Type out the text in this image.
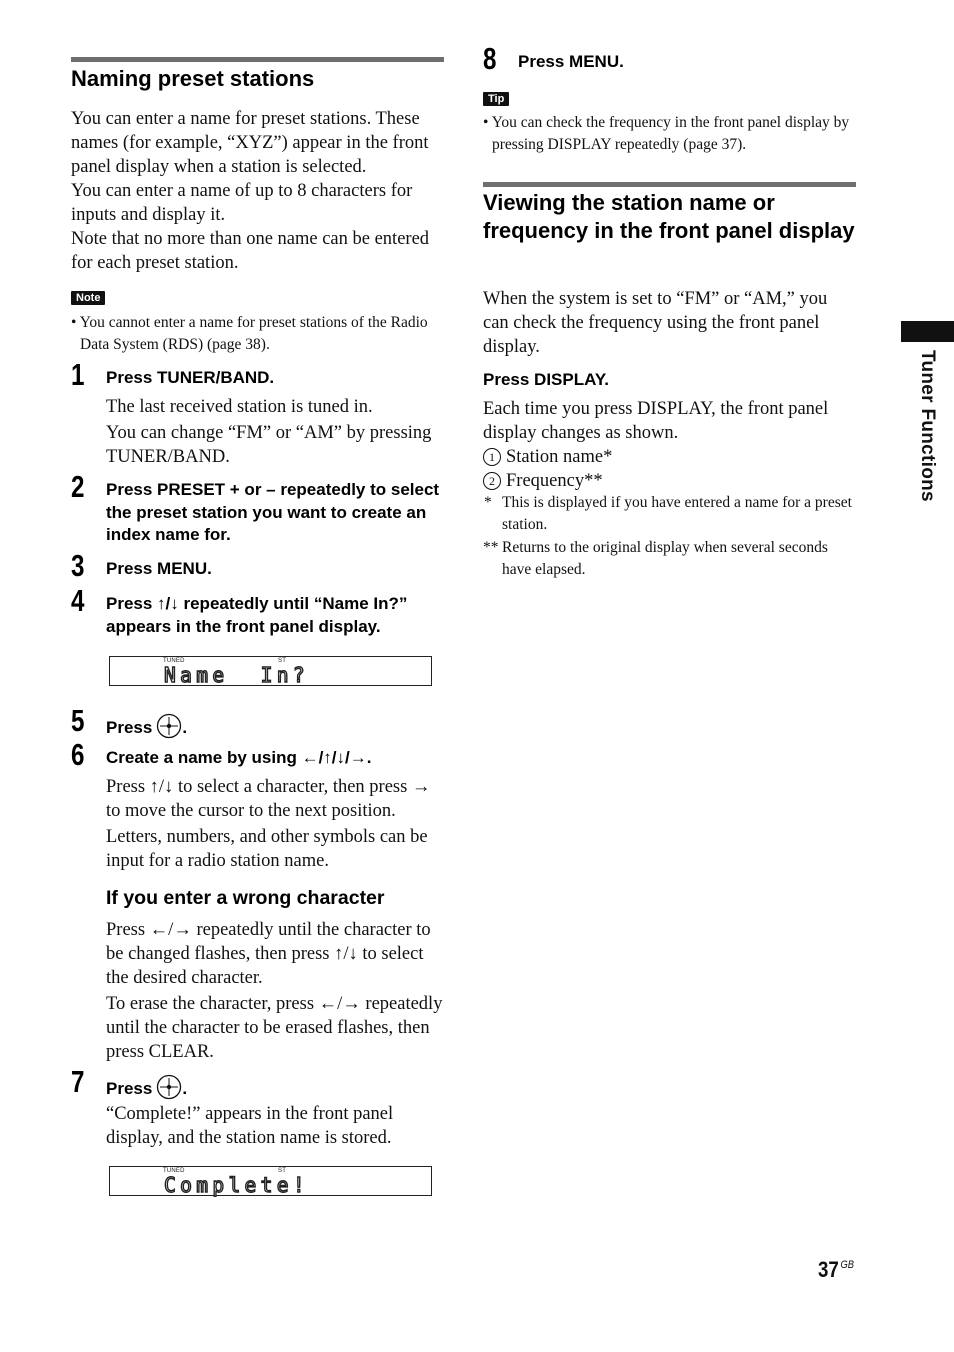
Naming preset stations

You can enter a name for preset stations. These names (for example, “XYZ”) appear in the front panel display when a station is selected.

You can enter a name of up to 8 characters for inputs and display it.

Note that no more than one name can be entered for each preset station.

Note
• You cannot enter a name for preset stations of the Radio Data System (RDS) (page 38).
1 Press TUNER/BAND.

The last received station is tuned in.

You can change “FM” or “AM” by pressing TUNER/BAND.

2 Press PRESET + or – repeatedly to select the preset station you want to create an index name for.
3 Press MENU.
4 Press ↑/↓ repeatedly until “Name In?” appears in the front panel display.
TUNED	ST
Name  In?
5 Press .
6 Create a name by using ←/↑/↓/→.

Press ↑/↓ to select a character, then press → to move the cursor to the next position.

Letters, numbers, and other symbols can be input for a radio station name.

If you enter a wrong character

Press ←/→ repeatedly until the character to be changed flashes, then press ↑/↓ to select the desired character.

To erase the character, press ←/→ repeatedly until the character to be erased flashes, then press CLEAR.

7 Press .

“Complete!” appears in the front panel display, and the station name is stored.

TUNED	ST
Complete!
8 Press MENU.
Tip
• You can check the frequency in the front panel display by pressing DISPLAY repeatedly (page 37).
Viewing the station name or frequency in the front panel display

When the system is set to “FM” or “AM,” you can check the frequency using the front panel display.

Press DISPLAY.

Each time you press DISPLAY, the front panel display changes as shown.

1 Station name*

2 Frequency**

* This is displayed if you have entered a name for a preset station.
** Returns to the original display when several seconds have elapsed.
Tuner Functions
37 $^{GB}$
